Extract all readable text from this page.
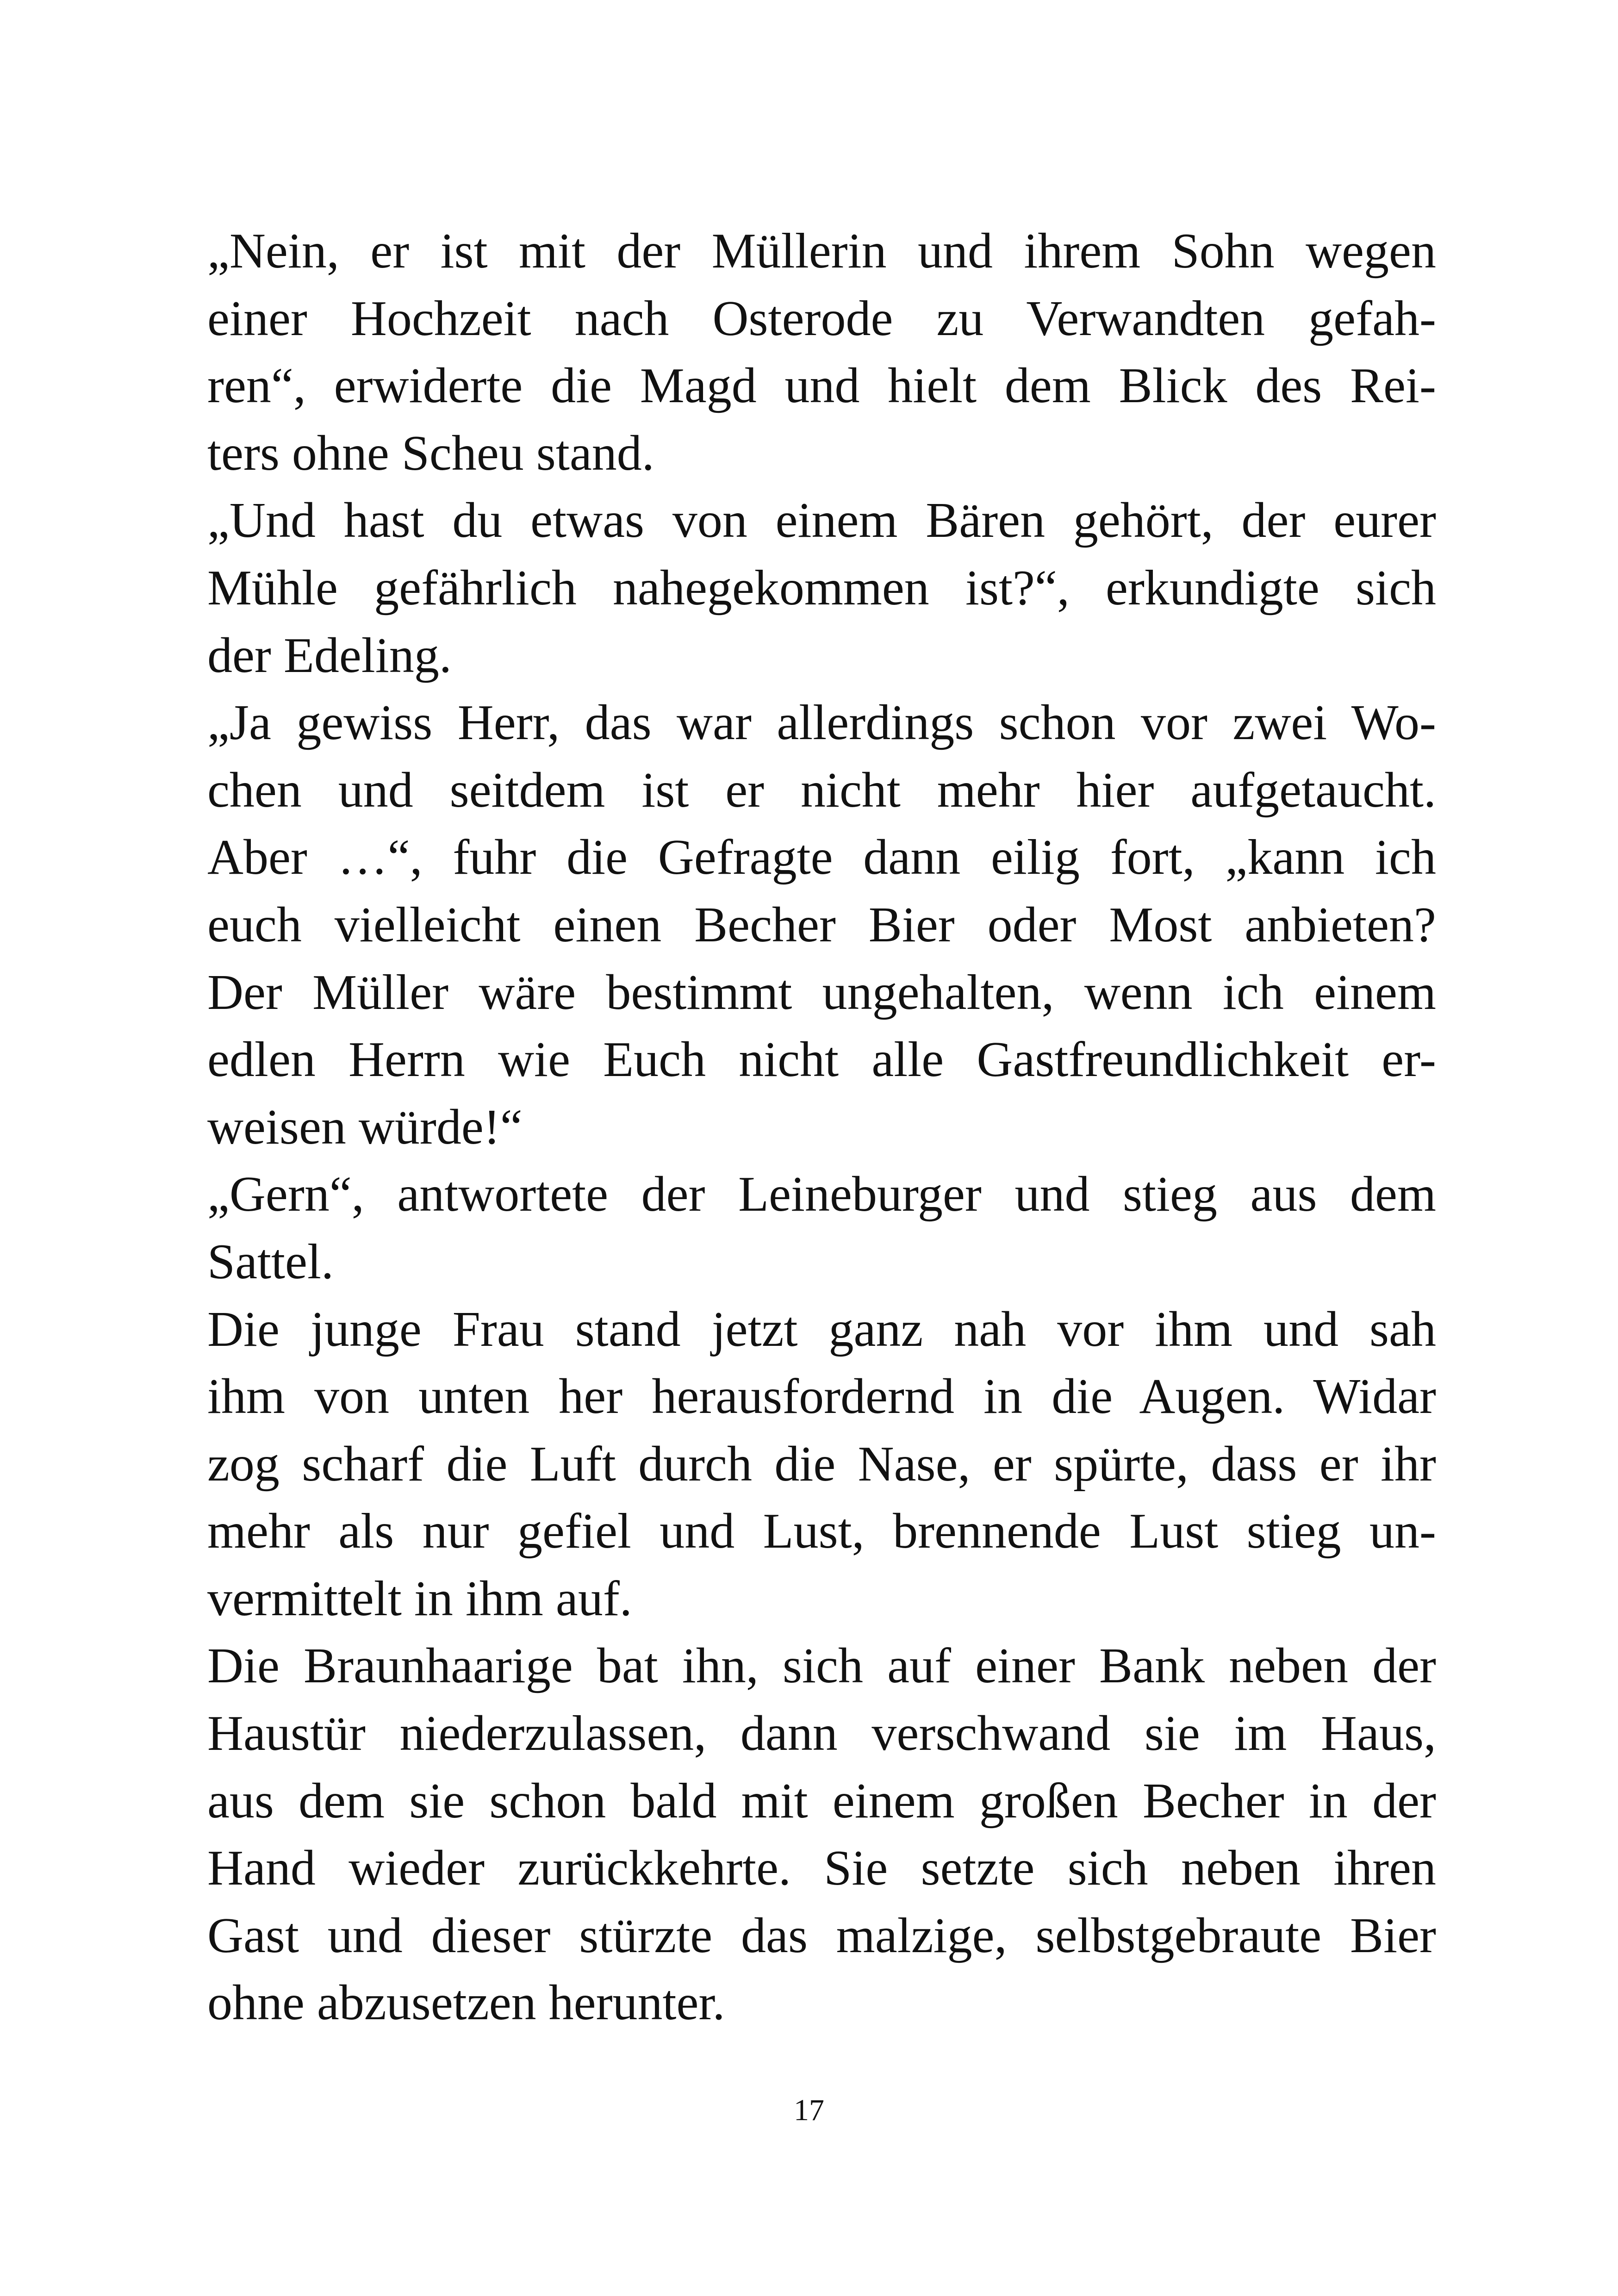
„Nein, er ist mit der Müllerin und ihrem Sohn wegen
einer Hochzeit nach Osterode zu Verwandten gefah-
ren“, erwiderte die Magd und hielt dem Blick des Rei-
ters ohne Scheu stand.
„Und hast du etwas von einem Bären gehört, der eurer
Mühle gefährlich nahegekommen ist?“, erkundigte sich
der Edeling.
„Ja gewiss Herr, das war allerdings schon vor zwei Wo-
chen und seitdem ist er nicht mehr hier aufgetaucht.
Aber …“, fuhr die Gefragte dann eilig fort, „kann ich
euch vielleicht einen Becher Bier oder Most anbieten?
Der Müller wäre bestimmt ungehalten, wenn ich einem
edlen Herrn wie Euch nicht alle Gastfreundlichkeit er-
weisen würde!“
„Gern“, antwortete der Leineburger und stieg aus dem
Sattel.
Die junge Frau stand jetzt ganz nah vor ihm und sah
ihm von unten her herausfordernd in die Augen. Widar
zog scharf die Luft durch die Nase, er spürte, dass er ihr
mehr als nur gefiel und Lust, brennende Lust stieg un-
vermittelt in ihm auf.
Die Braunhaarige bat ihn, sich auf einer Bank neben der
Haustür niederzulassen, dann verschwand sie im Haus,
aus dem sie schon bald mit einem großen Becher in der
Hand wieder zurückkehrte. Sie setzte sich neben ihren
Gast und dieser stürzte das malzige, selbstgebraute Bier
ohne abzusetzen herunter.
17
